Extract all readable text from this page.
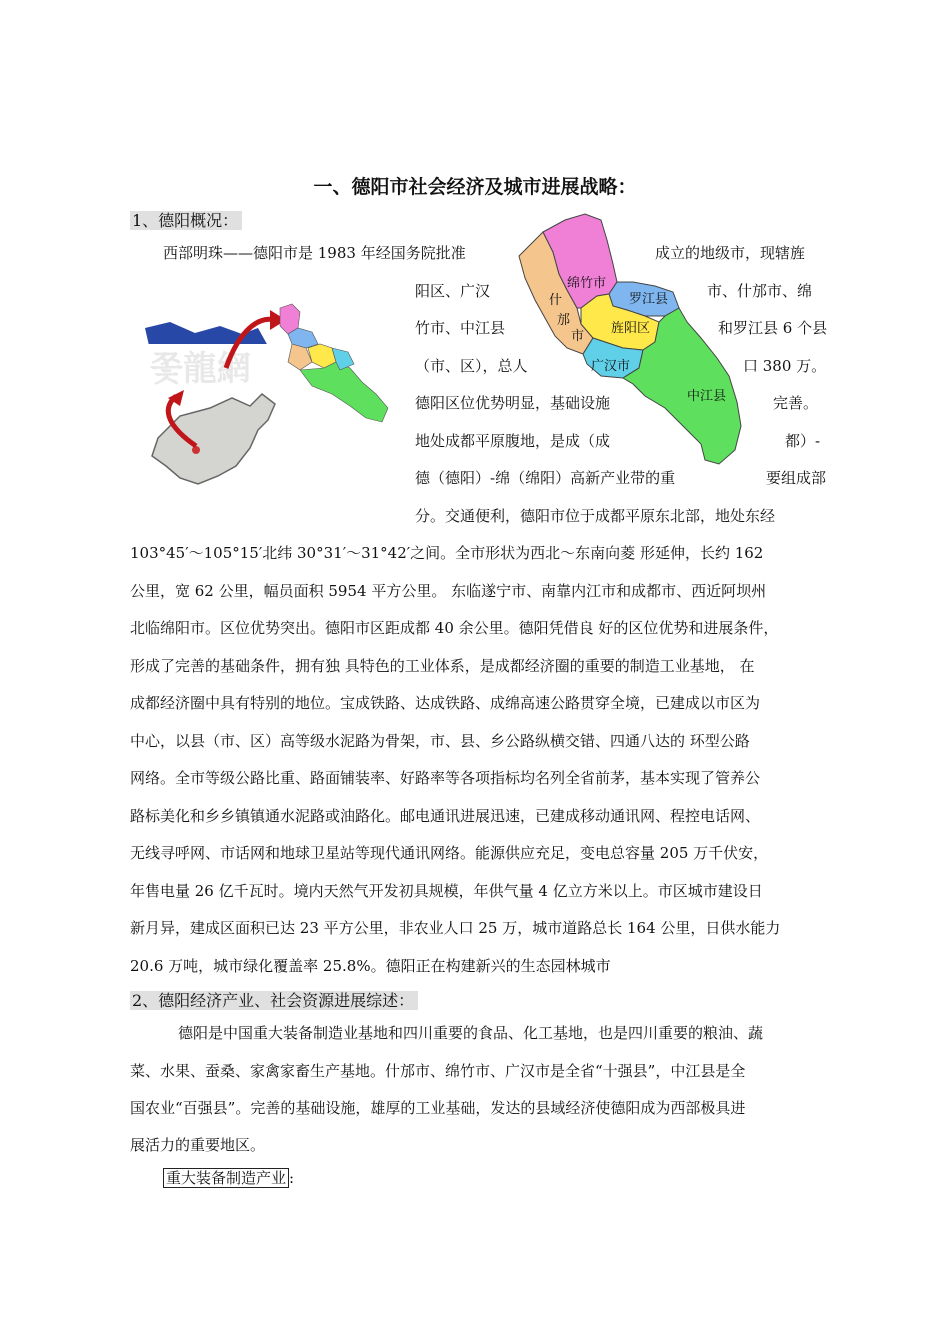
一、德阳市社会经济及城市进展战略：
1、德阳概况：
西部明珠——德阳市是 1983 年经国务院批准	成立的地级市，现辖旌
阳区、广汉	市、什邡市、绵
竹市、中江县	和罗江县 6 个县
（市、区），总人	口 380 万。
德阳区位优势明显，基础设施	完善。
地处成都平原腹地，是成（成	都）-
德（德阳）-绵（绵阳）高新产业带的重	要组成部
分。交通便利，德阳市位于成都平原东北部，地处东经
103°45′～105°15′北纬 30°31′～31°42′之间。全市形状为西北～东南向菱 形延伸，长约 162
公里，宽 62 公里，幅员面积 5954 平方公里。 东临遂宁市、南靠内江市和成都市、西近阿坝州
北临绵阳市。区位优势突出。德阳市区距成都 40 余公里。德阳凭借良 好的区位优势和进展条件，
形成了完善的基础条件，拥有独 具特色的工业体系，是成都经济圈的重要的制造工业基地， 在
成都经济圈中具有特别的地位。宝成铁路、达成铁路、成绵高速公路贯穿全境，已建成以市区为
中心，以县（市、区）高等级水泥路为骨架，市、县、乡公路纵横交错、四通八达的 环型公路
网络。全市等级公路比重、路面铺装率、好路率等各项指标均名列全省前茅，基本实现了管养公
路标美化和乡乡镇镇通水泥路或油路化。邮电通讯进展迅速，已建成移动通讯网、程控电话网、
无线寻呼网、市话网和地球卫星站等现代通讯网络。能源供应充足，变电总容量 205 万千伏安，
年售电量 26 亿千瓦时。境内天然气开发初具规模，年供气量 4 亿立方米以上。市区城市建设日
新月异，建成区面积已达 23 平方公里，非农业人口 25 万，城市道路总长 164 公里，日供水能力
20.6 万吨，城市绿化覆盖率 25.8%。德阳正在构建新兴的生态园林城市
2、德阳经济产业、社会资源进展综述：
德阳是中国重大装备制造业基地和四川重要的食品、化工基地，也是四川重要的粮油、蔬
菜、水果、蚕桑、家禽家畜生产基地。什邡市、绵竹市、广汉市是全省“十强县”，中江县是全
国农业“百强县”。完善的基础设施，雄厚的工业基础，发达的县域经济使德阳成为西部极具进
展活力的重要地区。
重大装备制造产业 :
쫓龍網
绵竹市
什
邡
市
罗江县
旌阳区
广汉市
中江县
